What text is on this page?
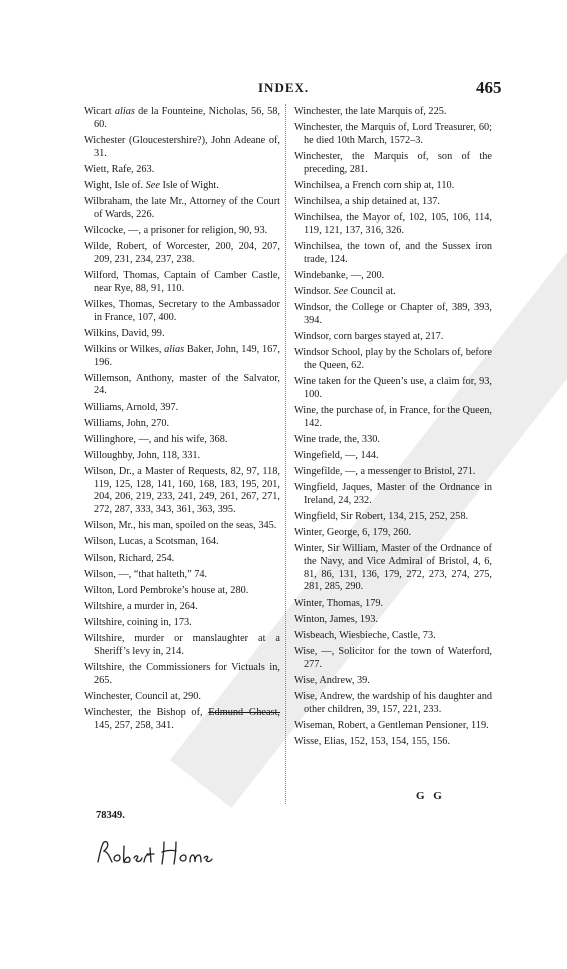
INDEX.	465
Wicart alias de la Founteine, Nicholas, 56, 58, 60.
Wichester (Gloucestershire?), John Adeane of, 31.
Wiett, Rafe, 263.
Wight, Isle of. See Isle of Wight.
Wilbraham, the late Mr., Attorney of the Court of Wards, 226.
Wilcocke, —, a prisoner for religion, 90, 93.
Wilde, Robert, of Worcester, 200, 204, 207, 209, 231, 234, 237, 238.
Wilford, Thomas, Captain of Camber Castle, near Rye, 88, 91, 110.
Wilkes, Thomas, Secretary to the Ambassador in France, 107, 400.
Wilkins, David, 99.
Wilkins or Wilkes, alias Baker, John, 149, 167, 196.
Willemson, Anthony, master of the Salvator, 24.
Williams, Arnold, 397.
Williams, John, 270.
Willinghore, —, and his wife, 368.
Willoughby, John, 118, 331.
Wilson, Dr., a Master of Requests, 82, 97, 118, 119, 125, 128, 141, 160, 168, 183, 195, 201, 204, 206, 219, 233, 241, 249, 261, 267, 271, 272, 287, 333, 343, 361, 363, 395.
Wilson, Mr., his man, spoiled on the seas, 345.
Wilson, Lucas, a Scotsman, 164.
Wilson, Richard, 254.
Wilson, —, “that halteth,” 74.
Wilton, Lord Pembroke’s house at, 280.
Wiltshire, a murder in, 264.
Wiltshire, coining in, 173.
Wiltshire, murder or manslaughter at a Sheriff’s levy in, 214.
Wiltshire, the Commissioners for Victuals in, 265.
Winchester, Council at, 290.
Winchester, the Bishop of, Edmund Gheast, 145, 257, 258, 341.
Winchester, the late Marquis of, 225.
Winchester, the Marquis of, Lord Treasurer, 60; he died 10th March, 1572–3.
Winchester, the Marquis of, son of the preceding, 281.
Winchilsea, a French corn ship at, 110.
Winchilsea, a ship detained at, 137.
Winchilsea, the Mayor of, 102, 105, 106, 114, 119, 121, 137, 316, 326.
Winchilsea, the town of, and the Sussex iron trade, 124.
Windebanke, —, 200.
Windsor. See Council at.
Windsor, the College or Chapter of, 389, 393, 394.
Windsor, corn barges stayed at, 217.
Windsor School, play by the Scholars of, before the Queen, 62.
Wine taken for the Queen’s use, a claim for, 93, 100.
Wine, the purchase of, in France, for the Queen, 142.
Wine trade, the, 330.
Wingefield, —, 144.
Wingefilde, —, a messenger to Bristol, 271.
Wingfield, Jaques, Master of the Ordnance in Ireland, 24, 232.
Wingfield, Sir Robert, 134, 215, 252, 258.
Winter, George, 6, 179, 260.
Winter, Sir William, Master of the Ordnance of the Navy, and Vice Admiral of Bristol, 4, 6, 81, 86, 131, 136, 179, 272, 273, 274, 275, 281, 285, 290.
Winter, Thomas, 179.
Winton, James, 193.
Wisbeach, Wiesbieche, Castle, 73.
Wise, —, Solicitor for the town of Waterford, 277.
Wise, Andrew, 39.
Wise, Andrew, the wardship of his daughter and other children, 39, 157, 221, 233.
Wiseman, Robert, a Gentleman Pensioner, 119.
Wisse, Elias, 152, 153, 154, 155, 156.
78349.
G G
